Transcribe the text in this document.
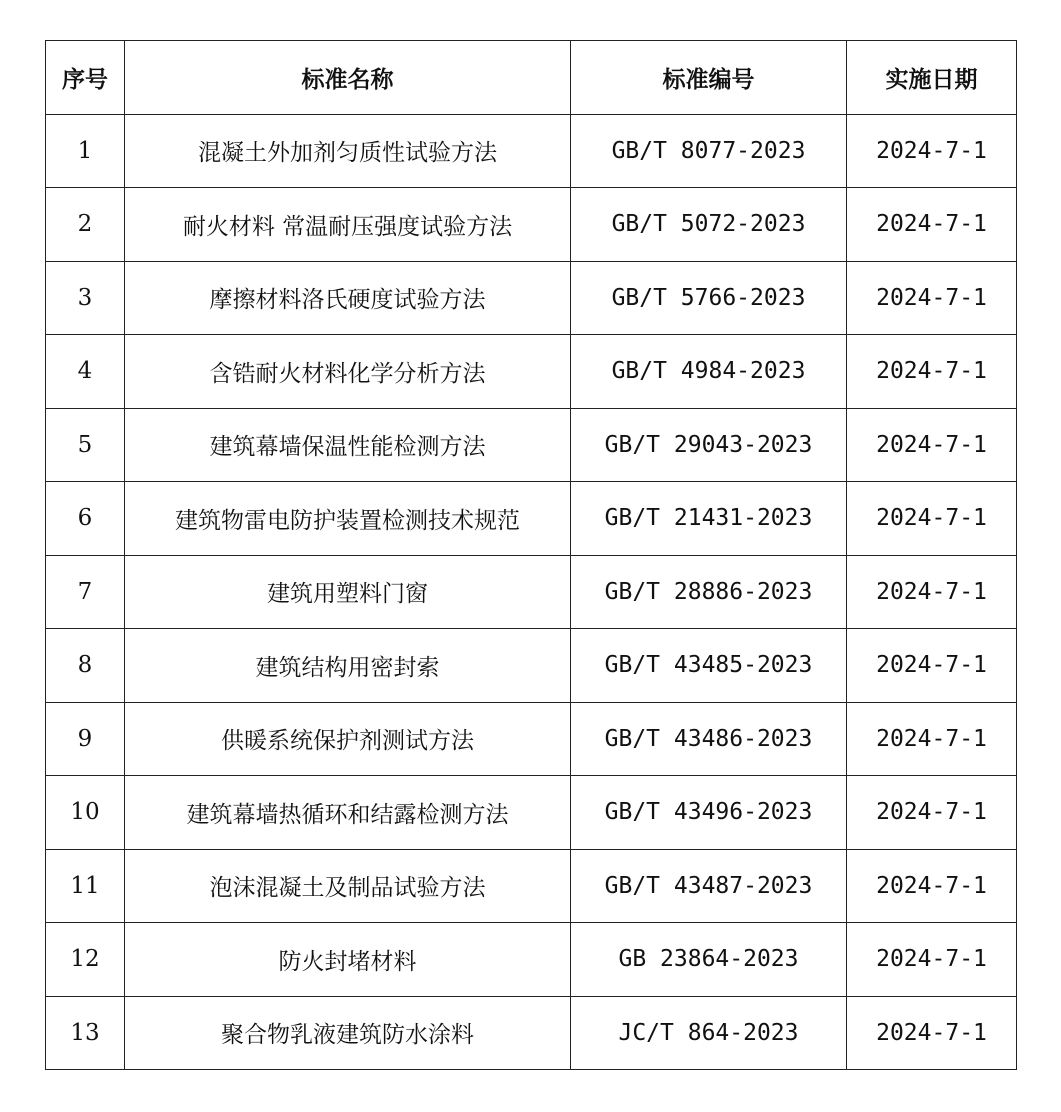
序号	标准名称	标准编号	实施日期
1	混凝土外加剂匀质性试验方法	GB/T 8077-2023	2024-7-1
2	耐火材料 常温耐压强度试验方法	GB/T 5072-2023	2024-7-1
3	摩擦材料洛氏硬度试验方法	GB/T 5766-2023	2024-7-1
4	含锆耐火材料化学分析方法	GB/T 4984-2023	2024-7-1
5	建筑幕墙保温性能检测方法	GB/T 29043-2023	2024-7-1
6	建筑物雷电防护装置检测技术规范	GB/T 21431-2023	2024-7-1
7	建筑用塑料门窗	GB/T 28886-2023	2024-7-1
8	建筑结构用密封索	GB/T 43485-2023	2024-7-1
9	供暖系统保护剂测试方法	GB/T 43486-2023	2024-7-1
10	建筑幕墙热循环和结露检测方法	GB/T 43496-2023	2024-7-1
11	泡沫混凝土及制品试验方法	GB/T 43487-2023	2024-7-1
12	防火封堵材料	GB 23864-2023	2024-7-1
13	聚合物乳液建筑防水涂料	JC/T 864-2023	2024-7-1
